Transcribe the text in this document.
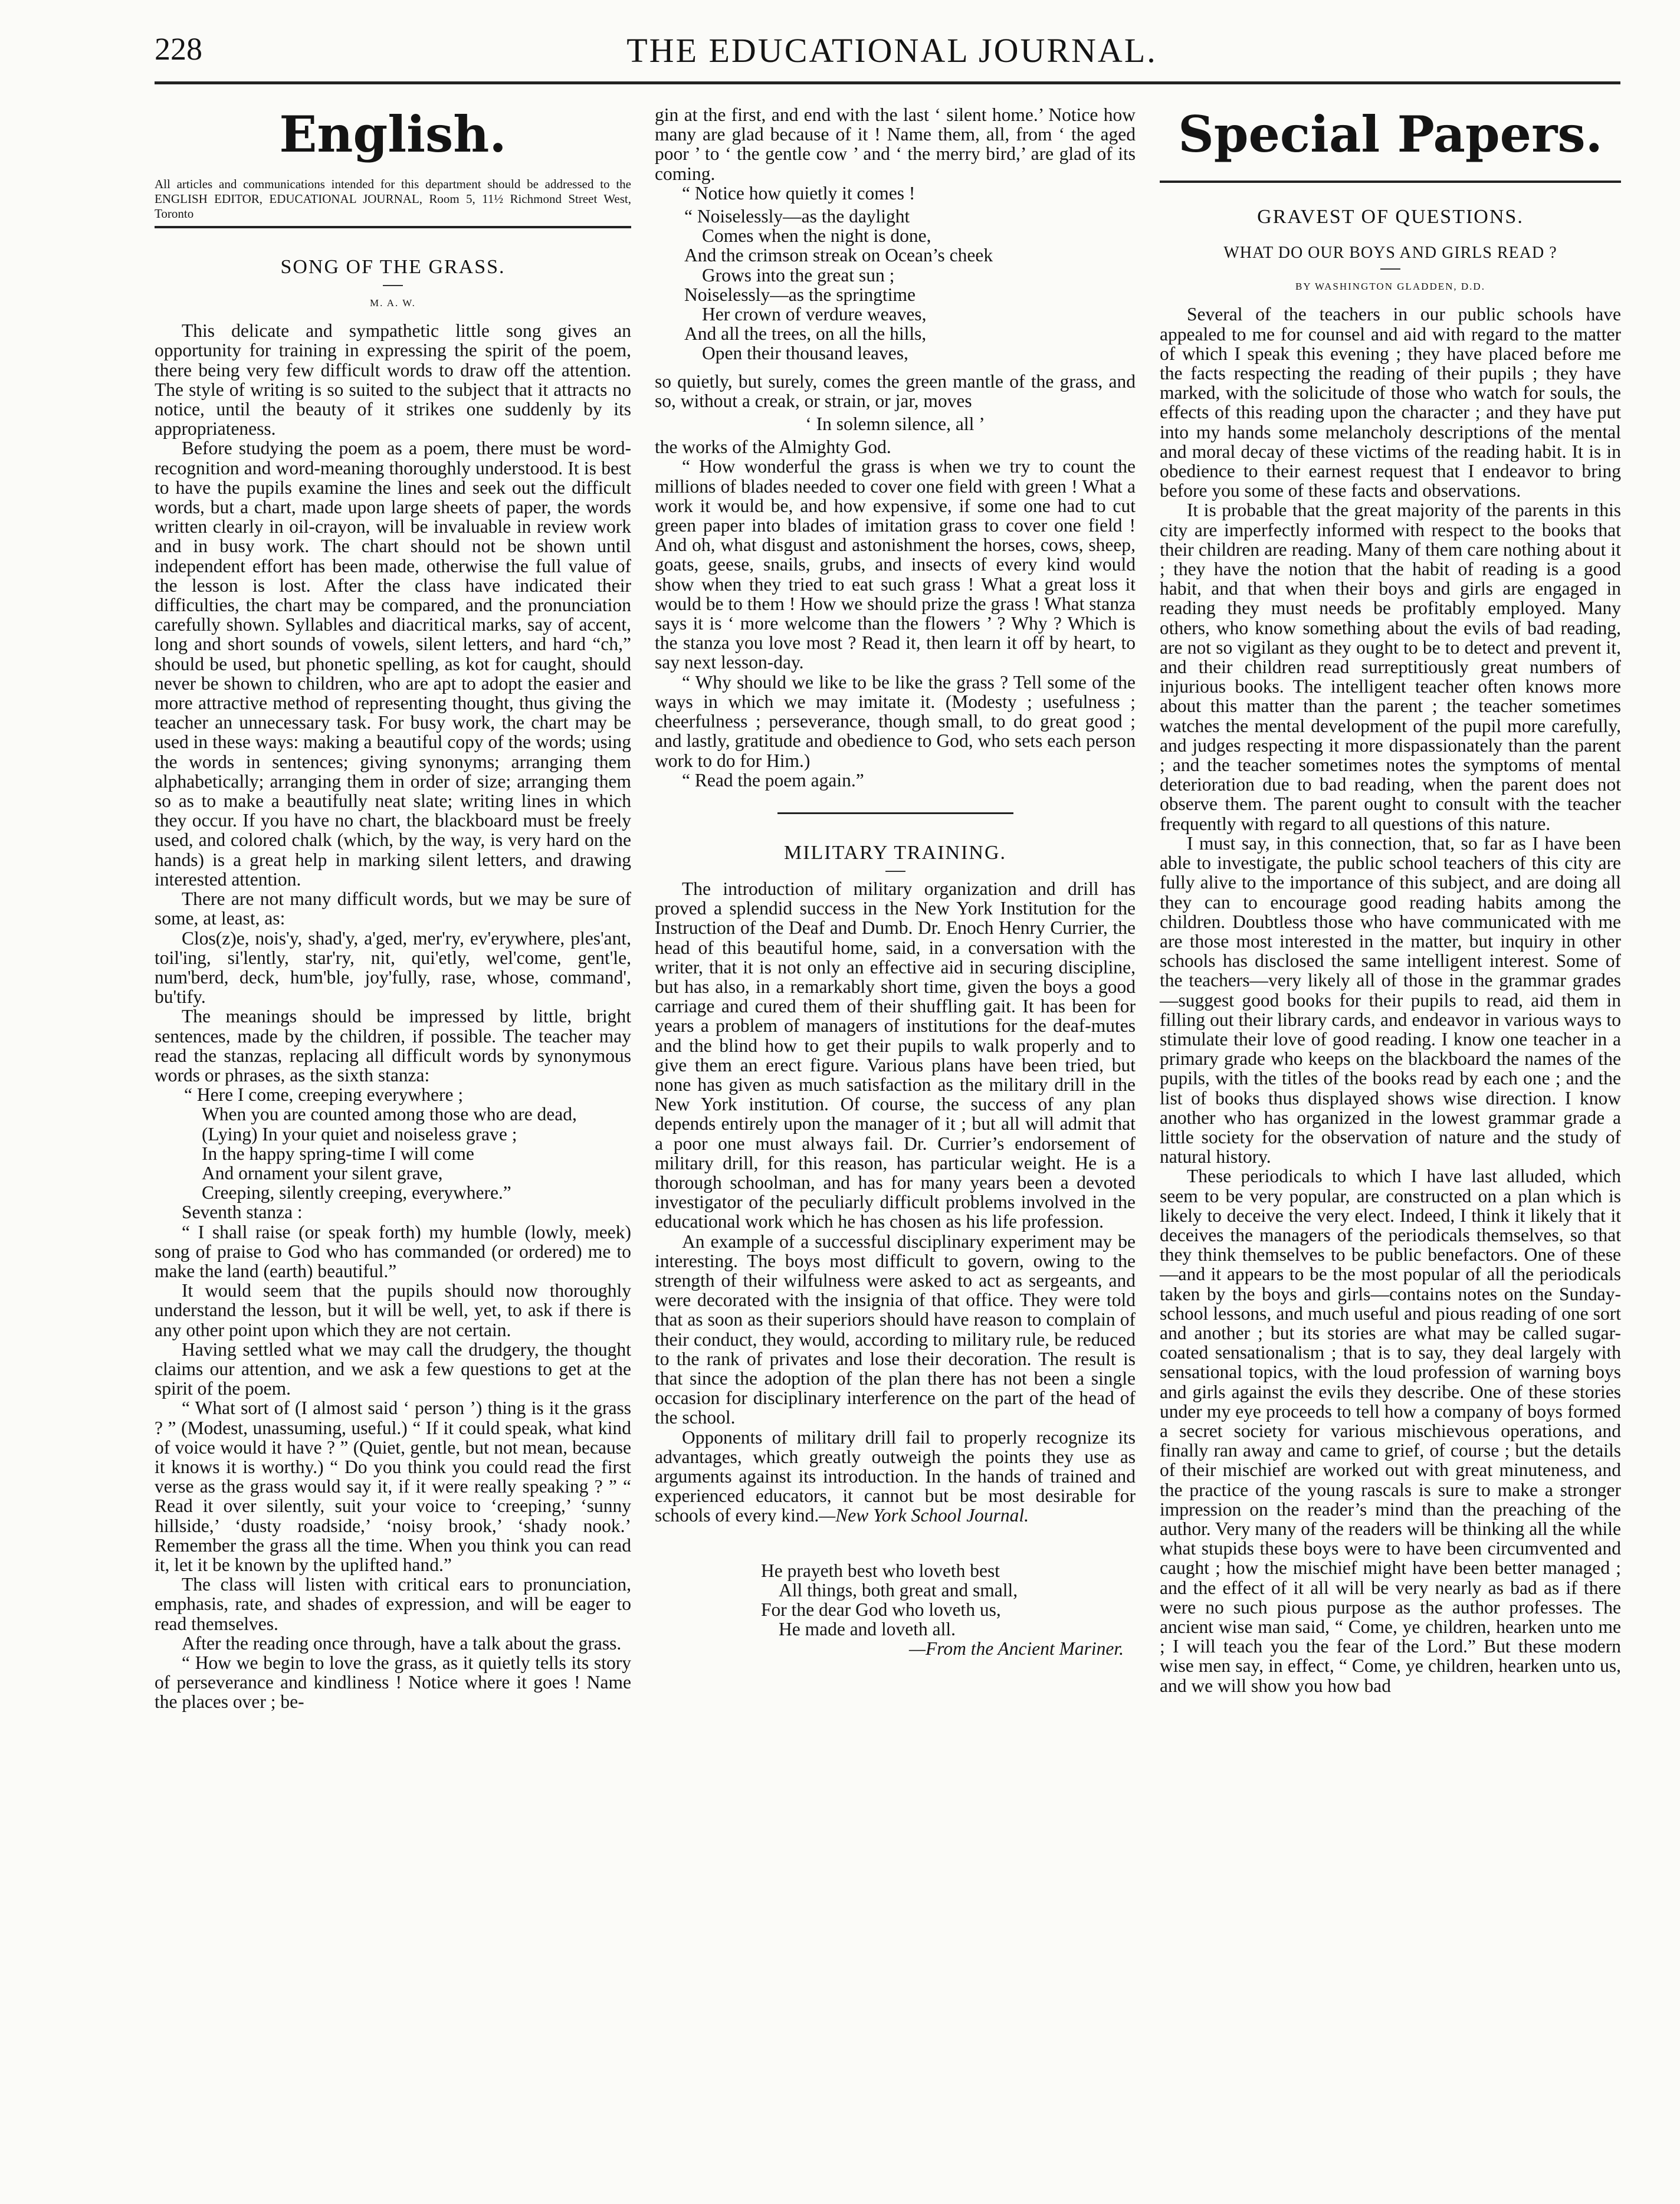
228	THE EDUCATIONAL JOURNAL.
English.
All articles and communications intended for this department should be addressed to the ENGLISH EDITOR, EDUCATIONAL JOURNAL, Room 5, 11½ Richmond Street West, Toronto
SONG OF THE GRASS.
M. A. W.

This delicate and sympathetic little song gives an opportunity for training in expressing the spirit of the poem, there being very few difficult words to draw off the attention. The style of writing is so suited to the subject that it attracts no notice, until the beauty of it strikes one suddenly by its appropriateness.

Before studying the poem as a poem, there must be word-recognition and word-meaning thoroughly understood. It is best to have the pupils examine the lines and seek out the difficult words, but a chart, made upon large sheets of paper, the words written clearly in oil-crayon, will be invaluable in review work and in busy work. The chart should not be shown until independent effort has been made, otherwise the full value of the lesson is lost. After the class have indicated their difficulties, the chart may be compared, and the pronunciation carefully shown. Syllables and diacritical marks, say of accent, long and short sounds of vowels, silent letters, and hard “ch,” should be used, but phonetic spelling, as kot for caught, should never be shown to children, who are apt to adopt the easier and more attractive method of representing thought, thus giving the teacher an unnecessary task. For busy work, the chart may be used in these ways: making a beautiful copy of the words; using the words in sentences; giving synonyms; arranging them alphabetically; arranging them in order of size; arranging them so as to make a beautifully neat slate; writing lines in which they occur. If you have no chart, the blackboard must be freely used, and colored chalk (which, by the way, is very hard on the hands) is a great help in marking silent letters, and drawing interested attention.

There are not many difficult words, but we may be sure of some, at least, as:

Clos(z)e, nois'y, shad'y, a'ged, mer'ry, ev'erywhere, ples'ant, toil'ing, si'lently, star'ry, nit, qui'etly, wel'come, gent'le, num'berd, deck, hum'ble, joy'fully, rase, whose, command', bu'tify.

The meanings should be impressed by little, bright sentences, made by the children, if possible. The teacher may read the stanzas, replacing all difficult words by synonymous words or phrases, as the sixth stanza:

“ Here I come, creeping everywhere ;
When you are counted among those who are dead,
(Lying) In your quiet and noiseless grave ;
In the happy spring-time I will come
And ornament your silent grave,
Creeping, silently creeping, everywhere.”

Seventh stanza :

“ I shall raise (or speak forth) my humble (lowly, meek) song of praise to God who has commanded (or ordered) me to make the land (earth) beautiful.”

It would seem that the pupils should now thoroughly understand the lesson, but it will be well, yet, to ask if there is any other point upon which they are not certain.

Having settled what we may call the drudgery, the thought claims our attention, and we ask a few questions to get at the spirit of the poem.

“ What sort of (I almost said ‘ person ’) thing is it the grass ? ” (Modest, unassuming, useful.) “ If it could speak, what kind of voice would it have ? ” (Quiet, gentle, but not mean, because it knows it is worthy.) “ Do you think you could read the first verse as the grass would say it, if it were really speaking ? ” “ Read it over silently, suit your voice to ‘creeping,’ ‘sunny hillside,’ ‘dusty roadside,’ ‘noisy brook,’ ‘shady nook.’ Remember the grass all the time. When you think you can read it, let it be known by the uplifted hand.”

The class will listen with critical ears to pronunciation, emphasis, rate, and shades of expression, and will be eager to read themselves.

After the reading once through, have a talk about the grass.

“ How we begin to love the grass, as it quietly tells its story of perseverance and kindliness ! Notice where it goes ! Name the places over ; be-

gin at the first, and end with the last ‘ silent home.’ Notice how many are glad because of it ! Name them, all, from ‘ the aged poor ’ to ‘ the gentle cow ’ and ‘ the merry bird,’ are glad of its coming.

“ Notice how quietly it comes !

“ Noiselessly—as the daylight
Comes when the night is done,
And the crimson streak on Ocean’s cheek
Grows into the great sun ;
Noiselessly—as the springtime
Her crown of verdure weaves,
And all the trees, on all the hills,
Open their thousand leaves,

so quietly, but surely, comes the green mantle of the grass, and so, without a creak, or strain, or jar, moves

‘ In solemn silence, all ’

the works of the Almighty God.

“ How wonderful the grass is when we try to count the millions of blades needed to cover one field with green ! What a work it would be, and how expensive, if some one had to cut green paper into blades of imitation grass to cover one field ! And oh, what disgust and astonishment the horses, cows, sheep, goats, geese, snails, grubs, and insects of every kind would show when they tried to eat such grass ! What a great loss it would be to them ! How we should prize the grass ! What stanza says it is ‘ more welcome than the flowers ’ ? Why ? Which is the stanza you love most ? Read it, then learn it off by heart, to say next lesson-day.

“ Why should we like to be like the grass ? Tell some of the ways in which we may imitate it. (Modesty ; usefulness ; cheerfulness ; perseverance, though small, to do great good ; and lastly, gratitude and obedience to God, who sets each person work to do for Him.)

“ Read the poem again.”

MILITARY TRAINING.

The introduction of military organization and drill has proved a splendid success in the New York Institution for the Instruction of the Deaf and Dumb. Dr. Enoch Henry Currier, the head of this beautiful home, said, in a conversation with the writer, that it is not only an effective aid in securing discipline, but has also, in a remarkably short time, given the boys a good carriage and cured them of their shuffling gait. It has been for years a problem of managers of institutions for the deaf-mutes and the blind how to get their pupils to walk properly and to give them an erect figure. Various plans have been tried, but none has given as much satisfaction as the military drill in the New York institution. Of course, the success of any plan depends entirely upon the manager of it ; but all will admit that a poor one must always fail. Dr. Currier’s endorsement of military drill, for this reason, has particular weight. He is a thorough schoolman, and has for many years been a devoted investigator of the peculiarly difficult problems involved in the educational work which he has chosen as his life profession.

An example of a successful disciplinary experiment may be interesting. The boys most difficult to govern, owing to the strength of their wilfulness were asked to act as sergeants, and were decorated with the insignia of that office. They were told that as soon as their superiors should have reason to complain of their conduct, they would, according to military rule, be reduced to the rank of privates and lose their decoration. The result is that since the adoption of the plan there has not been a single occasion for disciplinary interference on the part of the head of the school.

Opponents of military drill fail to properly recognize its advantages, which greatly outweigh the points they use as arguments against its introduction. In the hands of trained and experienced educators, it cannot but be most desirable for schools of every kind.—New York School Journal.

He prayeth best who loveth best
All things, both great and small,
For the dear God who loveth us,
He made and loveth all.
—From the Ancient Mariner.
Special Papers.
GRAVEST OF QUESTIONS.
WHAT DO OUR BOYS AND GIRLS READ ?
BY WASHINGTON GLADDEN, D.D.

Several of the teachers in our public schools have appealed to me for counsel and aid with regard to the matter of which I speak this evening ; they have placed before me the facts respecting the reading of their pupils ; they have marked, with the solicitude of those who watch for souls, the effects of this reading upon the character ; and they have put into my hands some melancholy descriptions of the mental and moral decay of these victims of the reading habit. It is in obedience to their earnest request that I endeavor to bring before you some of these facts and observations.

It is probable that the great majority of the parents in this city are imperfectly informed with respect to the books that their children are reading. Many of them care nothing about it ; they have the notion that the habit of reading is a good habit, and that when their boys and girls are engaged in reading they must needs be profitably employed. Many others, who know something about the evils of bad reading, are not so vigilant as they ought to be to detect and prevent it, and their children read surreptitiously great numbers of injurious books. The intelligent teacher often knows more about this matter than the parent ; the teacher sometimes watches the mental development of the pupil more carefully, and judges respecting it more dispassionately than the parent ; and the teacher sometimes notes the symptoms of mental deterioration due to bad reading, when the parent does not observe them. The parent ought to consult with the teacher frequently with regard to all questions of this nature.

I must say, in this connection, that, so far as I have been able to investigate, the public school teachers of this city are fully alive to the importance of this subject, and are doing all they can to encourage good reading habits among the children. Doubtless those who have communicated with me are those most interested in the matter, but inquiry in other schools has disclosed the same intelligent interest. Some of the teachers—very likely all of those in the grammar grades—suggest good books for their pupils to read, aid them in filling out their library cards, and endeavor in various ways to stimulate their love of good reading. I know one teacher in a primary grade who keeps on the blackboard the names of the pupils, with the titles of the books read by each one ; and the list of books thus displayed shows wise direction. I know another who has organized in the lowest grammar grade a little society for the observation of nature and the study of natural history.

These periodicals to which I have last alluded, which seem to be very popular, are constructed on a plan which is likely to deceive the very elect. Indeed, I think it likely that it deceives the managers of the periodicals themselves, so that they think themselves to be public benefactors. One of these—and it appears to be the most popular of all the periodicals taken by the boys and girls—contains notes on the Sunday-school lessons, and much useful and pious reading of one sort and another ; but its stories are what may be called sugar-coated sensationalism ; that is to say, they deal largely with sensational topics, with the loud profession of warning boys and girls against the evils they describe. One of these stories under my eye proceeds to tell how a company of boys formed a secret society for various mischievous operations, and finally ran away and came to grief, of course ; but the details of their mischief are worked out with great minuteness, and the practice of the young rascals is sure to make a stronger impression on the reader’s mind than the preaching of the author. Very many of the readers will be thinking all the while what stupids these boys were to have been circumvented and caught ; how the mischief might have been better managed ; and the effect of it all will be very nearly as bad as if there were no such pious purpose as the author professes. The ancient wise man said, “ Come, ye children, hearken unto me ; I will teach you the fear of the Lord.” But these modern wise men say, in effect, “ Come, ye children, hearken unto us, and we will show you how bad
